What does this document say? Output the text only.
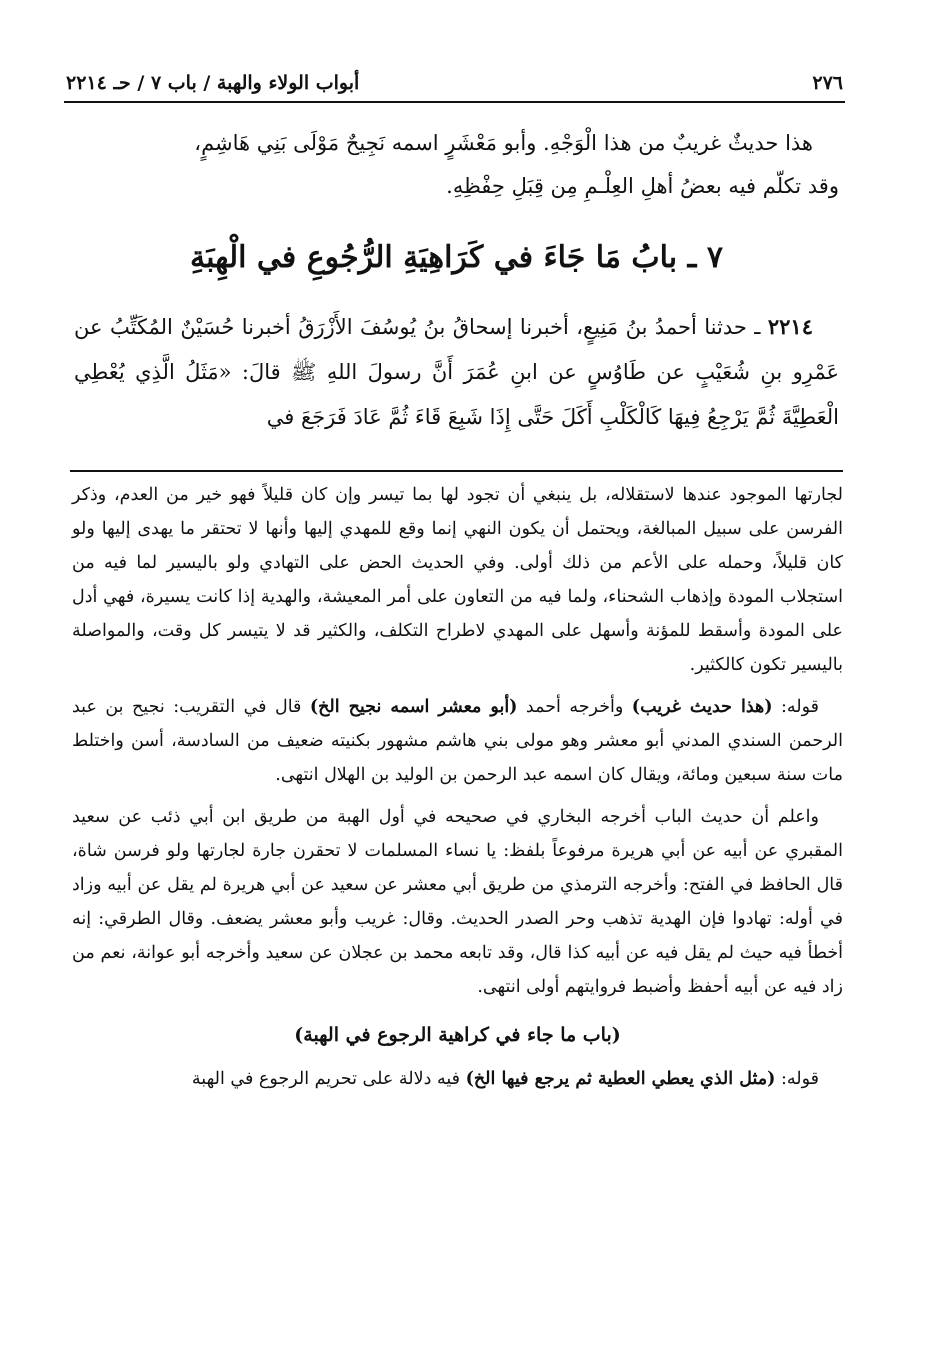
٢٧٦
أبواب الولاء والهبة / باب ٧ / حـ ٢٢١٤

هذا حديثٌ غريبٌ من هذا الْوَجْهِ. وأبو مَعْشَرٍ اسمه نَجِيحٌ مَوْلَى بَنِي هَاشِمٍ،

وقد تكلّم فيه بعضُ أهلِ العِلْـمِ مِن قِبَلِ حِفْظِهِ.

٧ ـ بابُ مَا جَاءَ في كَرَاهِيَةِ الرُّجُوعِ في الْهِبَةِ

٢٢١٤ ـ حدثنا أحمدُ بنُ مَنِيعٍ، أخبرنا إسحاقُ بنُ يُوسُفَ الأَزْرَقُ أخبرنا حُسَيْنٌ المُكَتِّبُ عن عَمْرِو بنِ شُعَيْبٍ عن طَاوُسٍ عن ابنِ عُمَرَ أَنَّ رسولَ اللهِ ﷺ قالَ: «مَثَلُ الَّذِي يُعْطِي الْعَطِيَّةَ ثُمَّ يَرْجِعُ فِيهَا كَالْكَلْبِ أَكَلَ حَتَّى إِذَا شَبِعَ قَاءَ ثُمَّ عَادَ فَرَجَعَ في

لجارتها الموجود عندها لاستقلاله، بل ينبغي أن تجود لها بما تيسر وإن كان قليلاً فهو خير من العدم، وذكر الفرسن على سبيل المبالغة، ويحتمل أن يكون النهي إنما وقع للمهدي إليها وأنها لا تحتقر ما يهدى إليها ولو كان قليلاً، وحمله على الأعم من ذلك أولى. وفي الحديث الحض على التهادي ولو باليسير لما فيه من استجلاب المودة وإذهاب الشحناء، ولما فيه من التعاون على أمر المعيشة، والهدية إذا كانت يسيرة، فهي أدل على المودة وأسقط للمؤنة وأسهل على المهدي لاطراح التكلف، والكثير قد لا يتيسر كل وقت، والمواصلة باليسير تكون كالكثير.

قوله: (هذا حديث غريب) وأخرجه أحمد (أبو معشر اسمه نجيح الخ) قال في التقريب: نجيح بن عبد الرحمن السندي المدني أبو معشر وهو مولى بني هاشم مشهور بكنيته ضعيف من السادسة، أسن واختلط مات سنة سبعين ومائة، ويقال كان اسمه عبد الرحمن بن الوليد بن الهلال انتهى.

واعلم أن حديث الباب أخرجه البخاري في صحيحه في أول الهبة من طريق ابن أبي ذئب عن سعيد المقبري عن أبيه عن أبي هريرة مرفوعاً بلفظ: يا نساء المسلمات لا تحقرن جارة لجارتها ولو فرسن شاة، قال الحافظ في الفتح: وأخرجه الترمذي من طريق أبي معشر عن سعيد عن أبي هريرة لم يقل عن أبيه وزاد في أوله: تهادوا فإن الهدية تذهب وحر الصدر الحديث. وقال: غريب وأبو معشر يضعف. وقال الطرقي: إنه أخطأ فيه حيث لم يقل فيه عن أبيه كذا قال، وقد تابعه محمد بن عجلان عن سعيد وأخرجه أبو عوانة، نعم من زاد فيه عن أبيه أحفظ وأضبط فروايتهم أولى انتهى.

(باب ما جاء في كراهية الرجوع في الهبة)

قوله: (مثل الذي يعطي العطية ثم يرجع فيها الخ) فيه دلالة على تحريم الرجوع في الهبة
